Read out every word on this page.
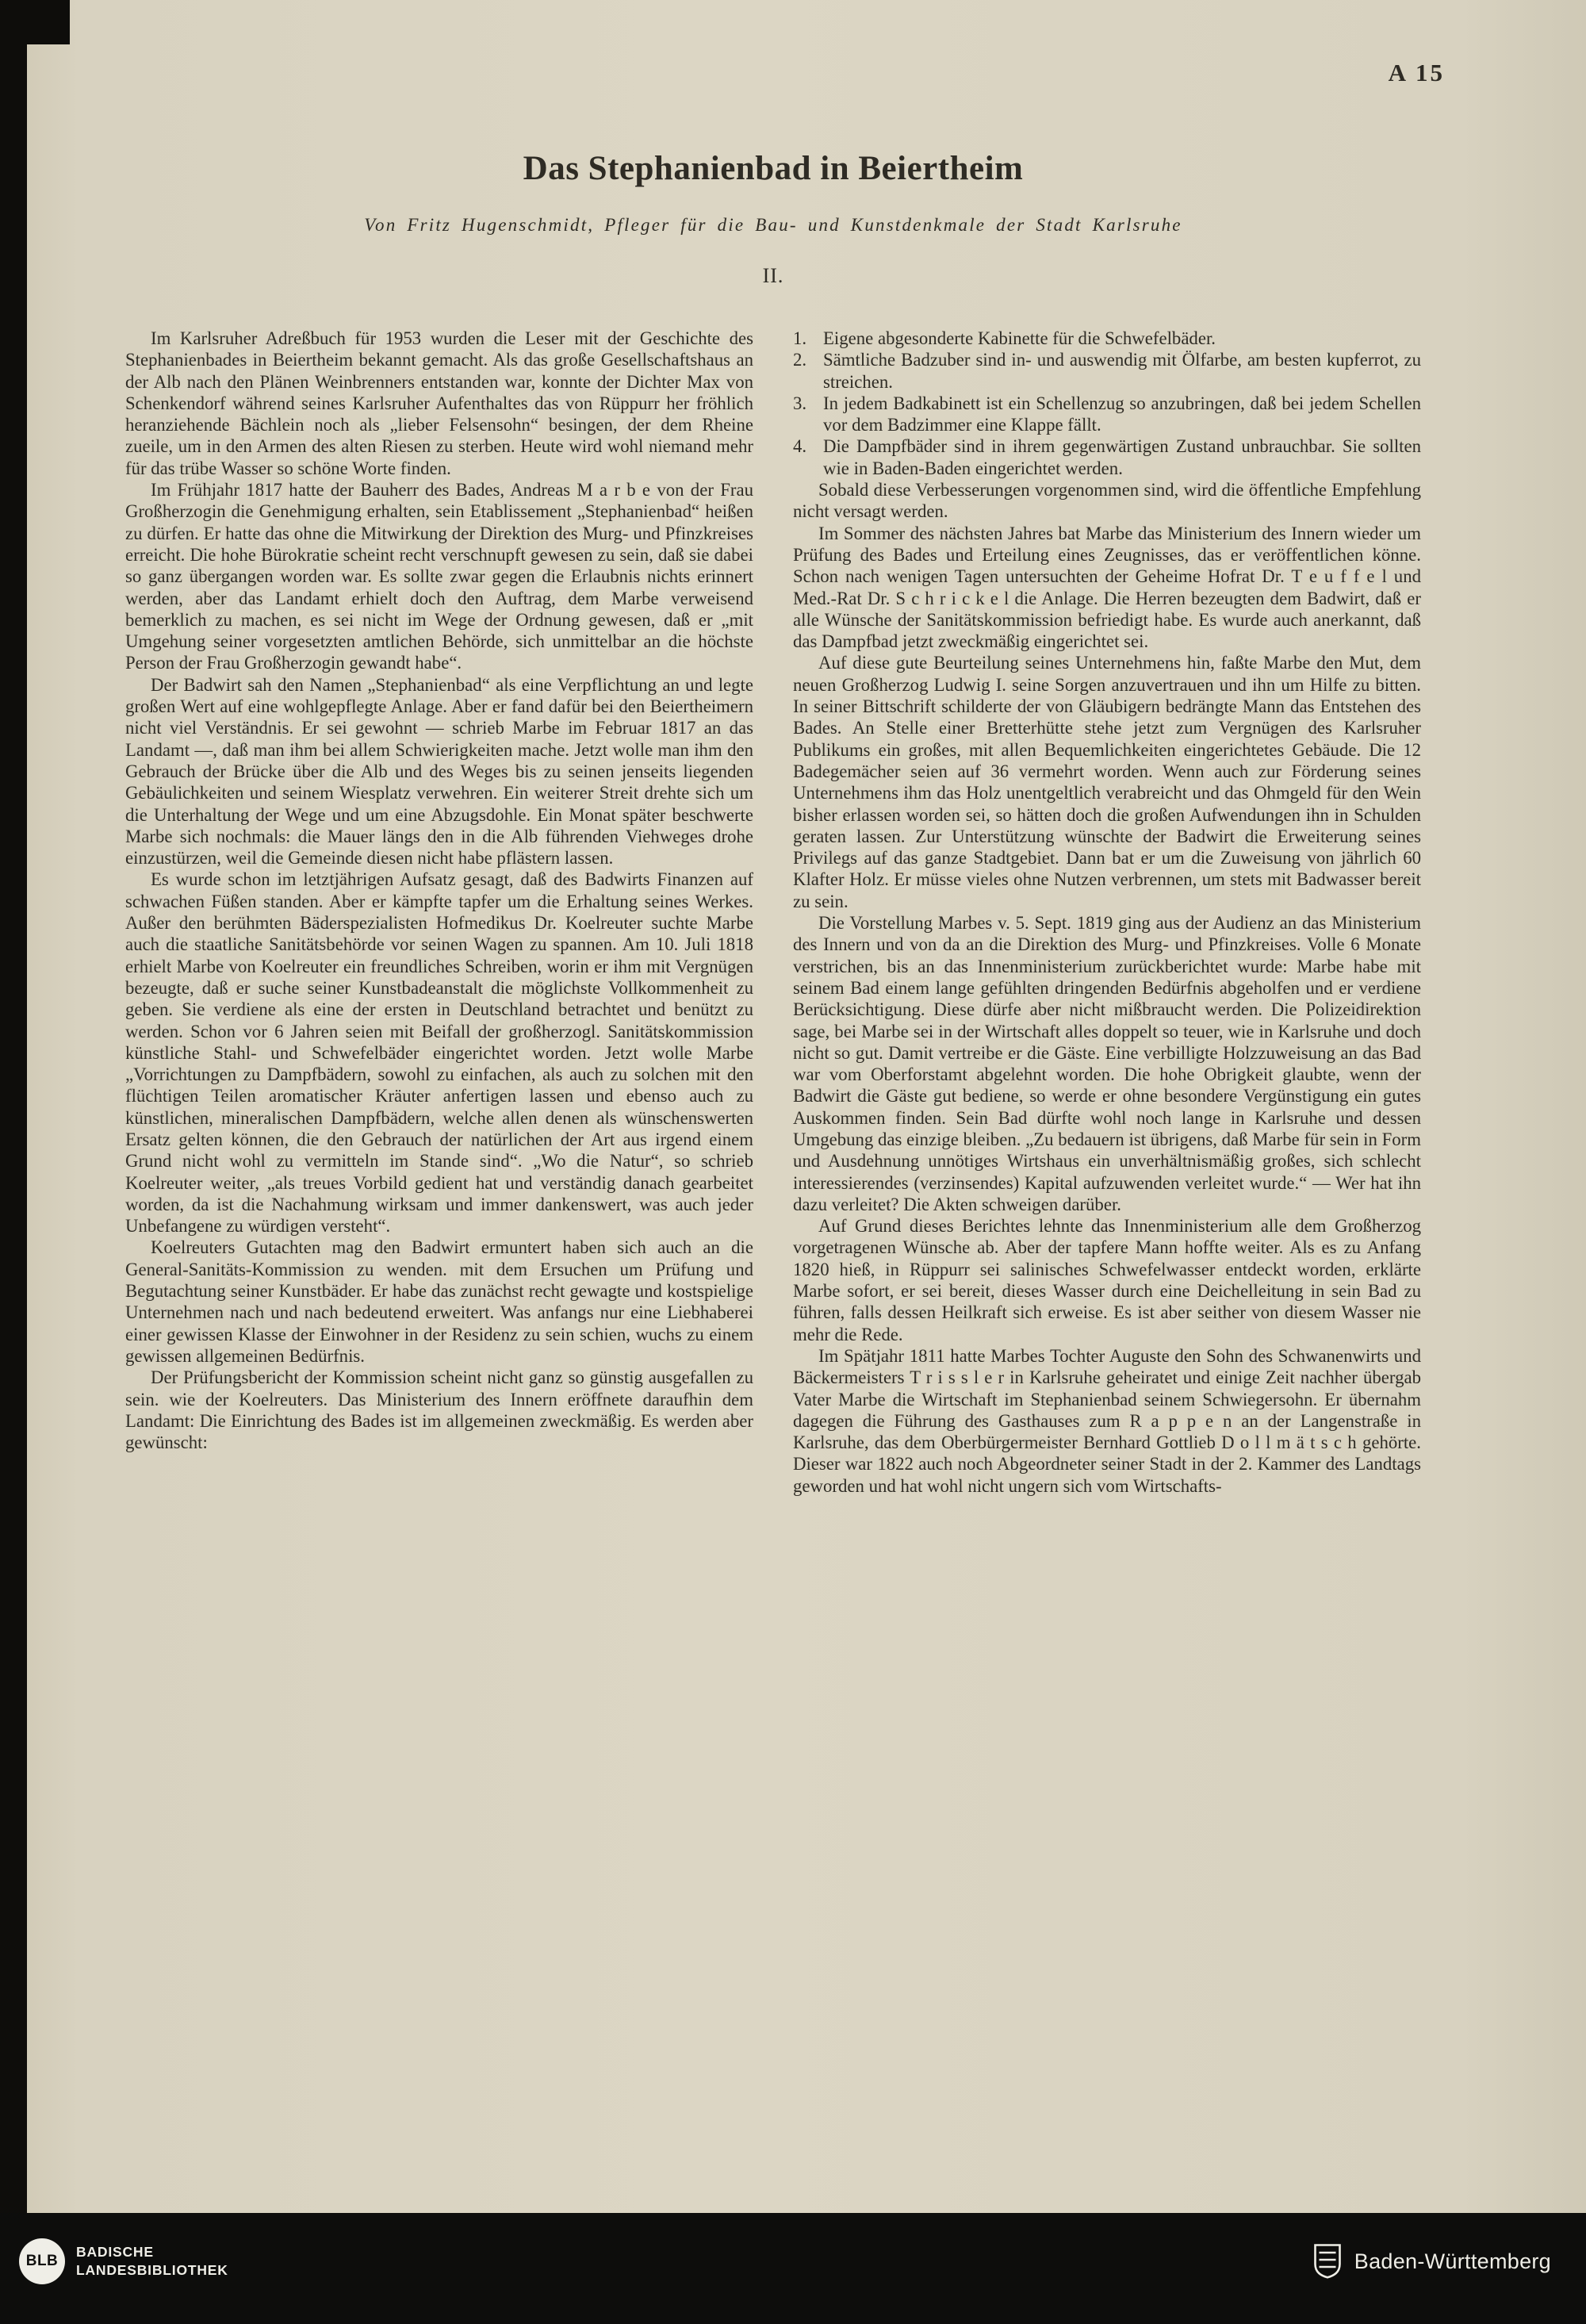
A 15
Das Stephanienbad in Beiertheim
Von Fritz Hugenschmidt, Pfleger für die Bau- und Kunstdenkmale der Stadt Karlsruhe
II.

Im Karlsruher Adreßbuch für 1953 wurden die Leser mit der Geschichte des Stephanienbades in Beiertheim bekannt gemacht. Als das große Gesellschaftshaus an der Alb nach den Plänen Weinbrenners entstanden war, konnte der Dichter Max von Schenkendorf während seines Karlsruher Aufenthaltes das von Rüppurr her fröhlich heranziehende Bächlein noch als „lieber Felsensohn“ besingen, der dem Rheine zueile, um in den Armen des alten Riesen zu sterben. Heute wird wohl niemand mehr für das trübe Wasser so schöne Worte finden.

Im Frühjahr 1817 hatte der Bauherr des Bades, Andreas M a r b e von der Frau Großherzogin die Genehmigung erhalten, sein Etablissement „Stephanienbad“ heißen zu dürfen. Er hatte das ohne die Mitwirkung der Direktion des Murg- und Pfinzkreises erreicht. Die hohe Bürokratie scheint recht verschnupft gewesen zu sein, daß sie dabei so ganz übergangen worden war. Es sollte zwar gegen die Erlaubnis nichts erinnert werden, aber das Landamt erhielt doch den Auftrag, dem Marbe verweisend bemerklich zu machen, es sei nicht im Wege der Ordnung gewesen, daß er „mit Umgehung seiner vorgesetzten amtlichen Behörde, sich unmittelbar an die höchste Person der Frau Großherzogin gewandt habe“.

Der Badwirt sah den Namen „Stephanienbad“ als eine Verpflichtung an und legte großen Wert auf eine wohlgepflegte Anlage. Aber er fand dafür bei den Beiertheimern nicht viel Verständnis. Er sei gewohnt — schrieb Marbe im Februar 1817 an das Landamt —, daß man ihm bei allem Schwierigkeiten mache. Jetzt wolle man ihm den Gebrauch der Brücke über die Alb und des Weges bis zu seinen jenseits liegenden Gebäulichkeiten und seinem Wiesplatz verwehren. Ein weiterer Streit drehte sich um die Unterhaltung der Wege und um eine Abzugsdohle. Ein Monat später beschwerte Marbe sich nochmals: die Mauer längs den in die Alb führenden Viehweges drohe einzustürzen, weil die Gemeinde diesen nicht habe pflästern lassen.

Es wurde schon im letztjährigen Aufsatz gesagt, daß des Badwirts Finanzen auf schwachen Füßen standen. Aber er kämpfte tapfer um die Erhaltung seines Werkes. Außer den berühmten Bäderspezialisten Hofmedikus Dr. Koelreuter suchte Marbe auch die staatliche Sanitätsbehörde vor seinen Wagen zu spannen. Am 10. Juli 1818 erhielt Marbe von Koelreuter ein freundliches Schreiben, worin er ihm mit Vergnügen bezeugte, daß er suche seiner Kunstbadeanstalt die möglichste Vollkommenheit zu geben. Sie verdiene als eine der ersten in Deutschland betrachtet und benützt zu werden. Schon vor 6 Jahren seien mit Beifall der großherzogl. Sanitätskommission künstliche Stahl- und Schwefelbäder eingerichtet worden. Jetzt wolle Marbe „Vorrichtungen zu Dampfbädern, sowohl zu einfachen, als auch zu solchen mit den flüchtigen Teilen aromatischer Kräuter anfertigen lassen und ebenso auch zu künstlichen, mineralischen Dampfbädern, welche allen denen als wünschenswerten Ersatz gelten können, die den Gebrauch der natürlichen der Art aus irgend einem Grund nicht wohl zu vermitteln im Stande sind“. „Wo die Natur“, so schrieb Koelreuter weiter, „als treues Vorbild gedient hat und verständig danach gearbeitet worden, da ist die Nachahmung wirksam und immer dankenswert, was auch jeder Unbefangene zu würdigen versteht“.

Koelreuters Gutachten mag den Badwirt ermuntert haben sich auch an die General-Sanitäts-Kommission zu wenden. mit dem Ersuchen um Prüfung und Begutachtung seiner Kunstbäder. Er habe das zunächst recht gewagte und kostspielige Unternehmen nach und nach bedeutend erweitert. Was anfangs nur eine Liebhaberei einer gewissen Klasse der Einwohner in der Residenz zu sein schien, wuchs zu einem gewissen allgemeinen Bedürfnis.

Der Prüfungsbericht der Kommission scheint nicht ganz so günstig ausgefallen zu sein. wie der Koelreuters. Das Ministerium des Innern eröffnete daraufhin dem Landamt: Die Einrichtung des Bades ist im allgemeinen zweckmäßig. Es werden aber gewünscht:

1. Eigene abgesonderte Kabinette für die Schwefelbäder.
2. Sämtliche Badzuber sind in- und auswendig mit Ölfarbe, am besten kupferrot, zu streichen.
3. In jedem Badkabinett ist ein Schellenzug so anzubringen, daß bei jedem Schellen vor dem Badzimmer eine Klappe fällt.
4. Die Dampfbäder sind in ihrem gegenwärtigen Zustand unbrauchbar. Sie sollten wie in Baden-Baden eingerichtet werden.

Sobald diese Verbesserungen vorgenommen sind, wird die öffentliche Empfehlung nicht versagt werden.

Im Sommer des nächsten Jahres bat Marbe das Ministerium des Innern wieder um Prüfung des Bades und Erteilung eines Zeugnisses, das er veröffentlichen könne. Schon nach wenigen Tagen untersuchten der Geheime Hofrat Dr. T e u f f e l und Med.-Rat Dr. S c h r i c k e l die Anlage. Die Herren bezeugten dem Badwirt, daß er alle Wünsche der Sanitätskommission befriedigt habe. Es wurde auch anerkannt, daß das Dampfbad jetzt zweckmäßig eingerichtet sei.

Auf diese gute Beurteilung seines Unternehmens hin, faßte Marbe den Mut, dem neuen Großherzog Ludwig I. seine Sorgen anzuvertrauen und ihn um Hilfe zu bitten. In seiner Bittschrift schilderte der von Gläubigern bedrängte Mann das Entstehen des Bades. An Stelle einer Bretterhütte stehe jetzt zum Vergnügen des Karlsruher Publikums ein großes, mit allen Bequemlichkeiten eingerichtetes Gebäude. Die 12 Badegemächer seien auf 36 vermehrt worden. Wenn auch zur Förderung seines Unternehmens ihm das Holz unentgeltlich verabreicht und das Ohmgeld für den Wein bisher erlassen worden sei, so hätten doch die großen Aufwendungen ihn in Schulden geraten lassen. Zur Unterstützung wünschte der Badwirt die Erweiterung seines Privilegs auf das ganze Stadtgebiet. Dann bat er um die Zuweisung von jährlich 60 Klafter Holz. Er müsse vieles ohne Nutzen verbrennen, um stets mit Badwasser bereit zu sein.

Die Vorstellung Marbes v. 5. Sept. 1819 ging aus der Audienz an das Ministerium des Innern und von da an die Direktion des Murg- und Pfinzkreises. Volle 6 Monate verstrichen, bis an das Innenministerium zurückberichtet wurde: Marbe habe mit seinem Bad einem lange gefühlten dringenden Bedürfnis abgeholfen und er verdiene Berücksichtigung. Diese dürfe aber nicht mißbraucht werden. Die Polizeidirektion sage, bei Marbe sei in der Wirtschaft alles doppelt so teuer, wie in Karlsruhe und doch nicht so gut. Damit vertreibe er die Gäste. Eine verbilligte Holzzuweisung an das Bad war vom Oberforstamt abgelehnt worden. Die hohe Obrigkeit glaubte, wenn der Badwirt die Gäste gut bediene, so werde er ohne besondere Vergünstigung ein gutes Auskommen finden. Sein Bad dürfte wohl noch lange in Karlsruhe und dessen Umgebung das einzige bleiben. „Zu bedauern ist übrigens, daß Marbe für sein in Form und Ausdehnung unnötiges Wirtshaus ein unverhältnismäßig großes, sich schlecht interessierendes (verzinsendes) Kapital aufzuwenden verleitet wurde.“ — Wer hat ihn dazu verleitet? Die Akten schweigen darüber.

Auf Grund dieses Berichtes lehnte das Innenministerium alle dem Großherzog vorgetragenen Wünsche ab. Aber der tapfere Mann hoffte weiter. Als es zu Anfang 1820 hieß, in Rüppurr sei salinisches Schwefelwasser entdeckt worden, erklärte Marbe sofort, er sei bereit, dieses Wasser durch eine Deichelleitung in sein Bad zu führen, falls dessen Heilkraft sich erweise. Es ist aber seither von diesem Wasser nie mehr die Rede.

Im Spätjahr 1811 hatte Marbes Tochter Auguste den Sohn des Schwanenwirts und Bäckermeisters T r i s s l e r in Karlsruhe geheiratet und einige Zeit nachher übergab Vater Marbe die Wirtschaft im Stephanienbad seinem Schwiegersohn. Er übernahm dagegen die Führung des Gasthauses zum R a p p e n an der Langenstraße in Karlsruhe, das dem Oberbürgermeister Bernhard Gottlieb D o l l m ä t s c h gehörte. Dieser war 1822 auch noch Abgeordneter seiner Stadt in der 2. Kammer des Landtags geworden und hat wohl nicht ungern sich vom Wirtschafts-

BLB
BADISCHE
LANDESBIBLIOTHEK	Baden-Württemberg
